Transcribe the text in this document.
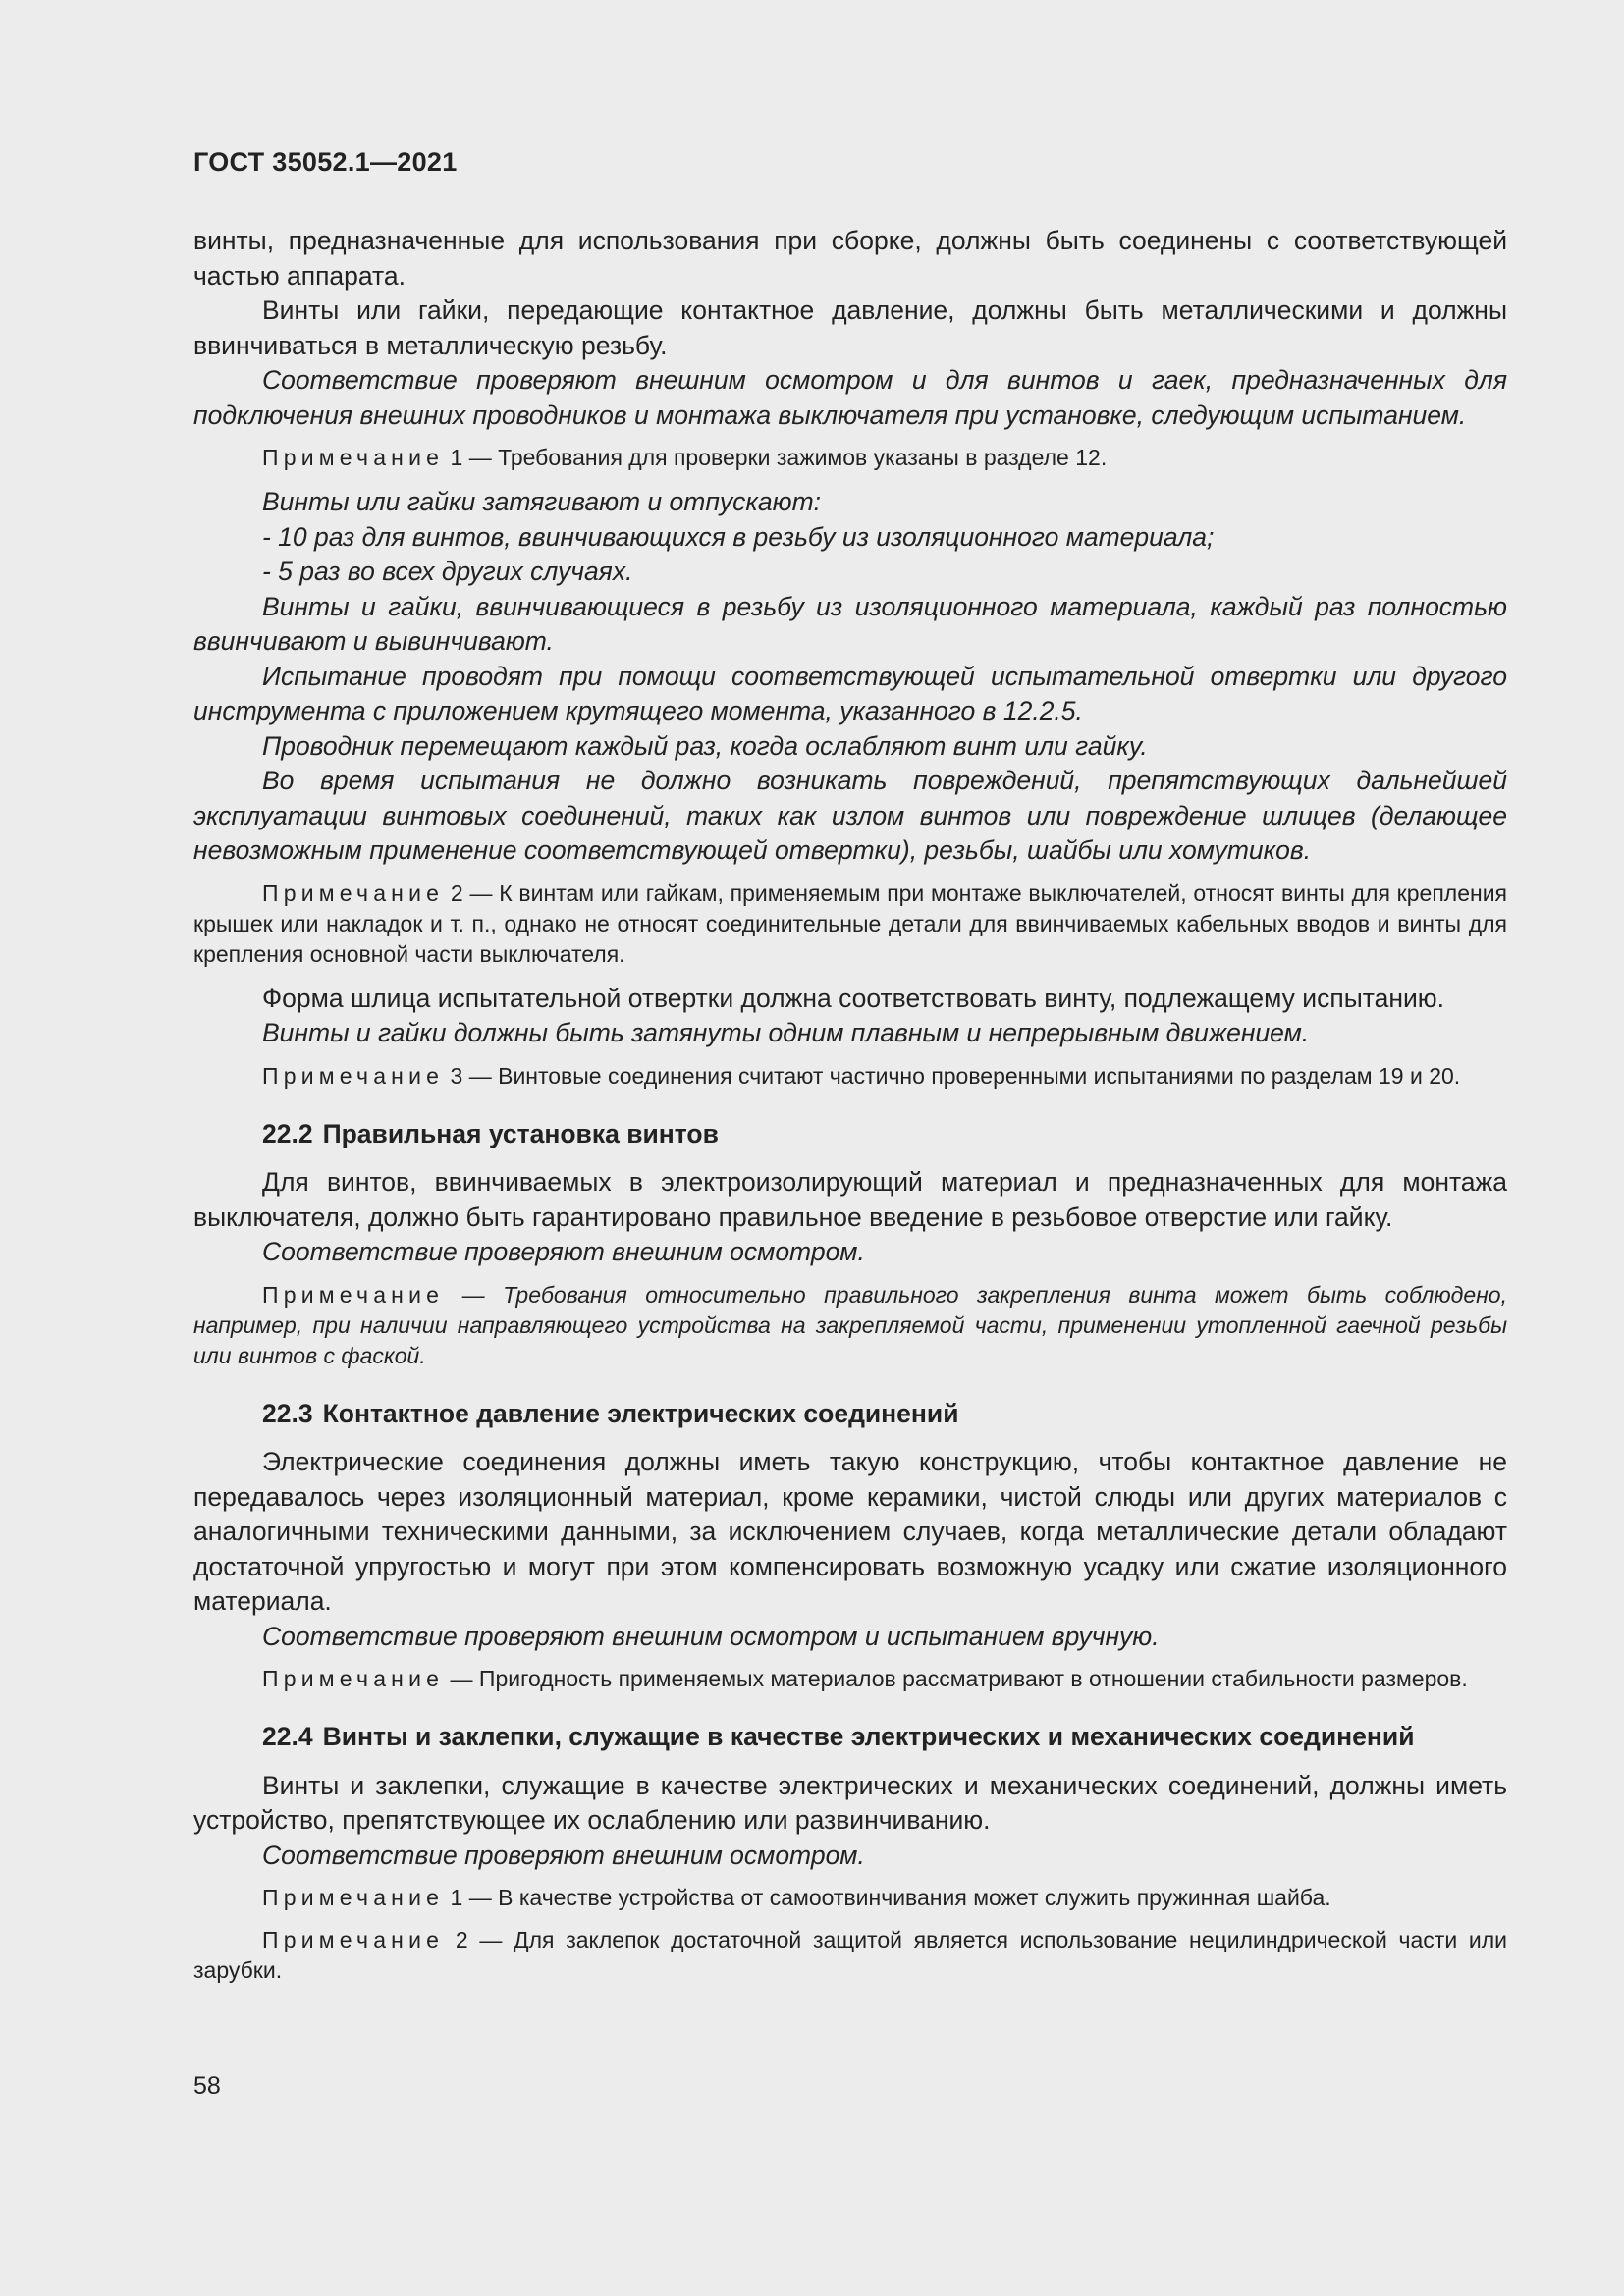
ГОСТ 35052.1—2021

винты, предназначенные для использования при сборке, должны быть соединены с соответствующей частью аппарата.

Винты или гайки, передающие контактное давление, должны быть металлическими и должны ввинчиваться в металлическую резьбу.

Соответствие проверяют внешним осмотром и для винтов и гаек, предназначенных для подключения внешних проводников и монтажа выключателя при установке, следующим испытанием.

Примечание 1 — Требования для проверки зажимов указаны в разделе 12.

Винты или гайки затягивают и отпускают:

- 10 раз для винтов, ввинчивающихся в резьбу из изоляционного материала;

- 5 раз во всех других случаях.

Винты и гайки, ввинчивающиеся в резьбу из изоляционного материала, каждый раз полностью ввинчивают и вывинчивают.

Испытание проводят при помощи соответствующей испытательной отвертки или другого инструмента с приложением крутящего момента, указанного в 12.2.5.

Проводник перемещают каждый раз, когда ослабляют винт или гайку.

Во время испытания не должно возникать повреждений, препятствующих дальнейшей эксплуатации винтовых соединений, таких как излом винтов или повреждение шлицев (делающее невозможным применение соответствующей отвертки), резьбы, шайбы или хомутиков.

Примечание 2 — К винтам или гайкам, применяемым при монтаже выключателей, относят винты для крепления крышек или накладок и т. п., однако не относят соединительные детали для ввинчиваемых кабельных вводов и винты для крепления основной части выключателя.

Форма шлица испытательной отвертки должна соответствовать винту, подлежащему испытанию.

Винты и гайки должны быть затянуты одним плавным и непрерывным движением.

Примечание 3 — Винтовые соединения считают частично проверенными испытаниями по разделам 19 и 20.
22.2 Правильная установка винтов

Для винтов, ввинчиваемых в электроизолирующий материал и предназначенных для монтажа выключателя, должно быть гарантировано правильное введение в резьбовое отверстие или гайку.

Соответствие проверяют внешним осмотром.

Примечание — Требования относительно правильного закрепления винта может быть соблюдено, например, при наличии направляющего устройства на закрепляемой части, применении утопленной гаечной резьбы или винтов с фаской.
22.3 Контактное давление электрических соединений

Электрические соединения должны иметь такую конструкцию, чтобы контактное давление не передавалось через изоляционный материал, кроме керамики, чистой слюды или других материалов с аналогичными техническими данными, за исключением случаев, когда металлические детали обладают достаточной упругостью и могут при этом компенсировать возможную усадку или сжатие изоляционного материала.

Соответствие проверяют внешним осмотром и испытанием вручную.

Примечание — Пригодность применяемых материалов рассматривают в отношении стабильности размеров.
22.4 Винты и заклепки, служащие в качестве электрических и механических соединений

Винты и заклепки, служащие в качестве электрических и механических соединений, должны иметь устройство, препятствующее их ослаблению или развинчиванию.

Соответствие проверяют внешним осмотром.

Примечание 1 — В качестве устройства от самоотвинчивания может служить пружинная шайба.
Примечание 2 — Для заклепок достаточной защитой является использование нецилиндрической части или зарубки.
58
